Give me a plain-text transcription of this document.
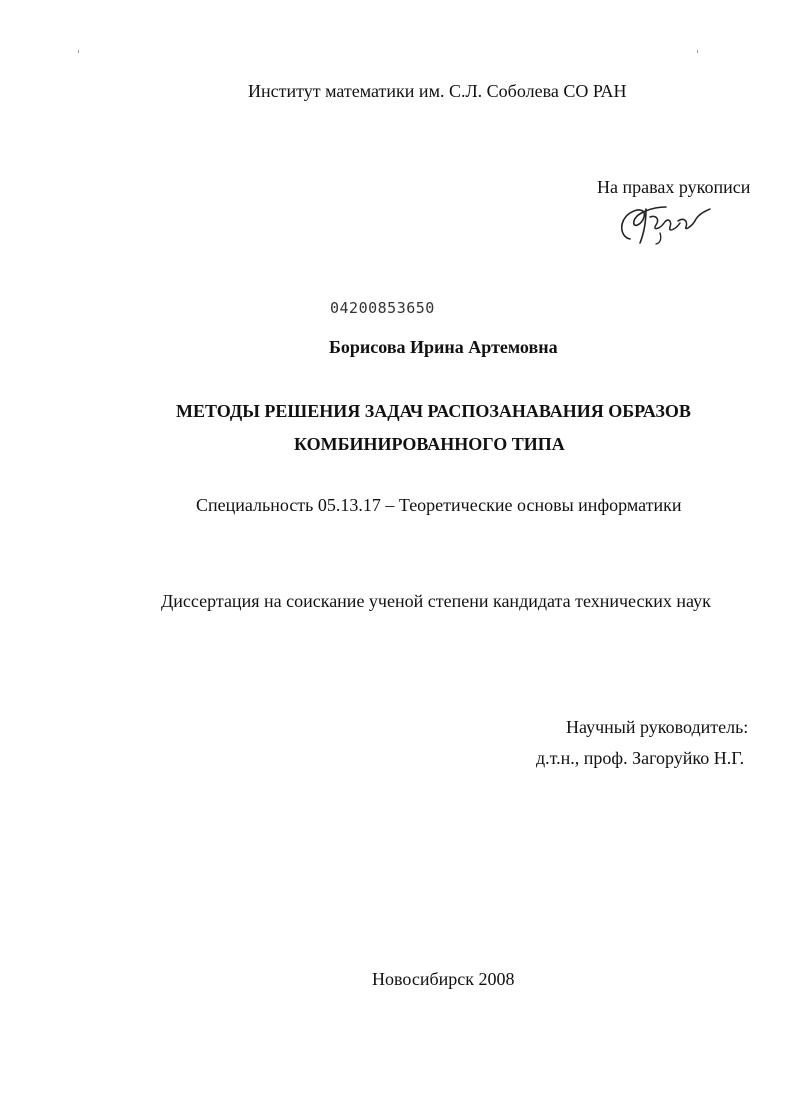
Институт математики им. С.Л. Соболева СО РАН
На правах рукописи
04200853650
Борисова Ирина Артемовна
МЕТОДЫ РЕШЕНИЯ ЗАДАЧ РАСПОЗАНАВАНИЯ ОБРАЗОВ
КОМБИНИРОВАННОГО ТИПА
Специальность 05.13.17 – Теоретические основы информатики
Диссертация на соискание ученой степени кандидата технических наук
Научный руководитель:
д.т.н., проф. Загоруйко Н.Г.
Новосибирск 2008
